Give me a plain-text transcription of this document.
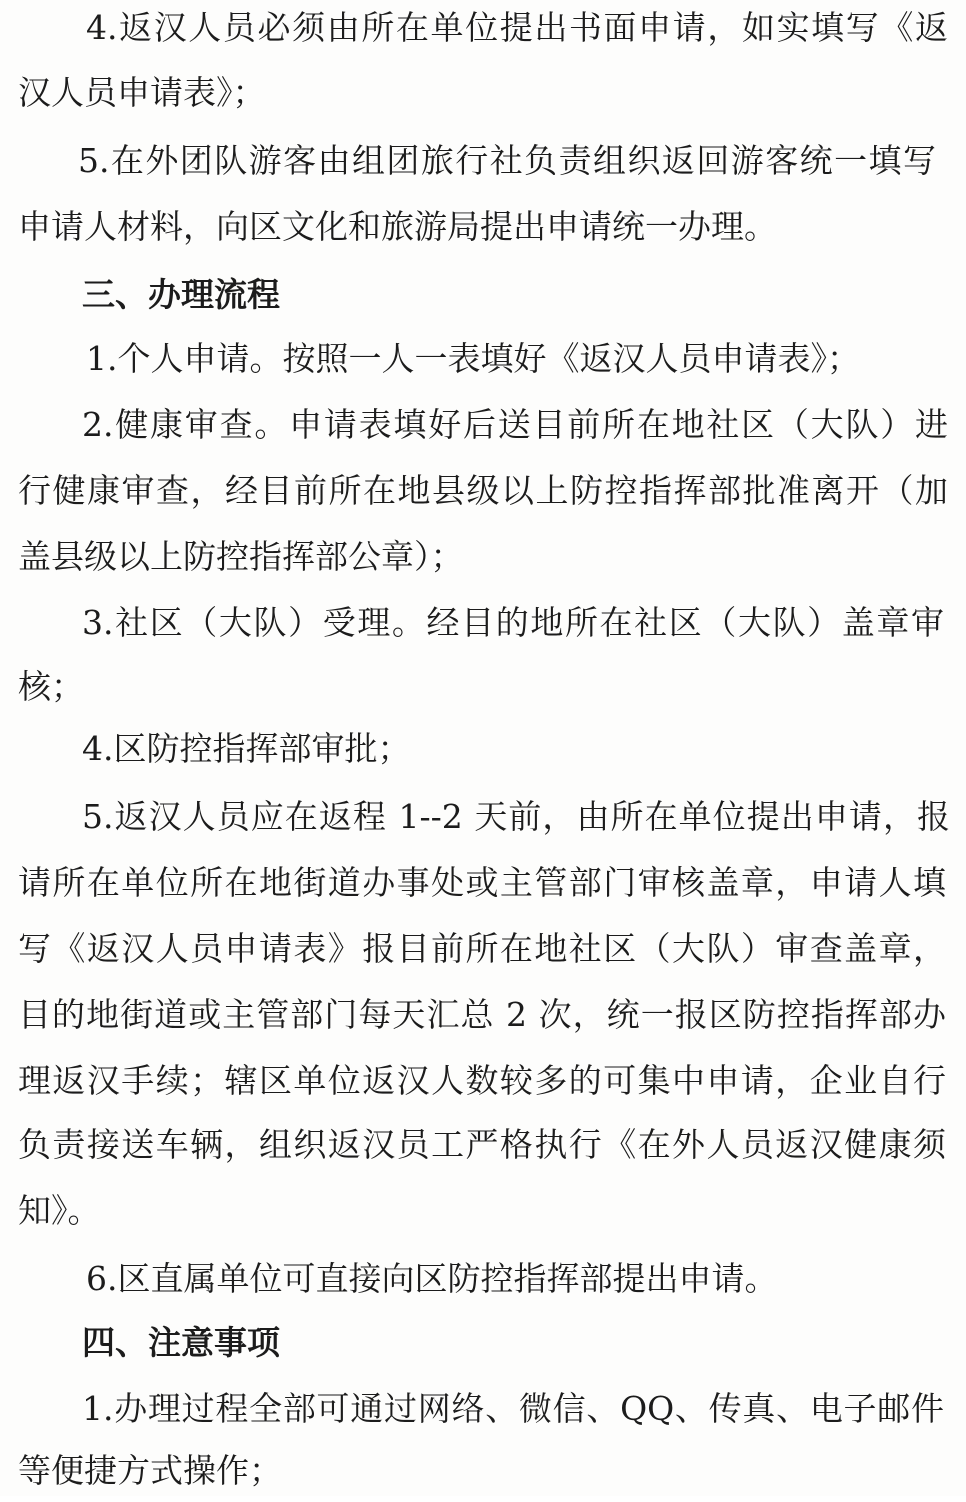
4.返汉人员必须由所在单位提出书面申请，如实填写《返
汉人员申请表》；
5.在外团队游客由组团旅行社负责组织返回游客统一填写
申请人材料，向区文化和旅游局提出申请统一办理。
三、办理流程
1.个人申请。按照一人一表填好《返汉人员申请表》；
2.健康审查。申请表填好后送目前所在地社区（大队）进
行健康审查，经目前所在地县级以上防控指挥部批准离开（加
盖县级以上防控指挥部公章）；
3.社区（大队）受理。经目的地所在社区（大队）盖章审
核；
4.区防控指挥部审批；
5.返汉人员应在返程 1--2 天前，由所在单位提出申请，报
请所在单位所在地街道办事处或主管部门审核盖章，申请人填
写《返汉人员申请表》报目前所在地社区（大队）审查盖章，
目的地街道或主管部门每天汇总 2 次，统一报区防控指挥部办
理返汉手续；辖区单位返汉人数较多的可集中申请，企业自行
负责接送车辆，组织返汉员工严格执行《在外人员返汉健康须
知》。
6.区直属单位可直接向区防控指挥部提出申请。
四、注意事项
1.办理过程全部可通过网络、微信、QQ、传真、电子邮件
等便捷方式操作；
